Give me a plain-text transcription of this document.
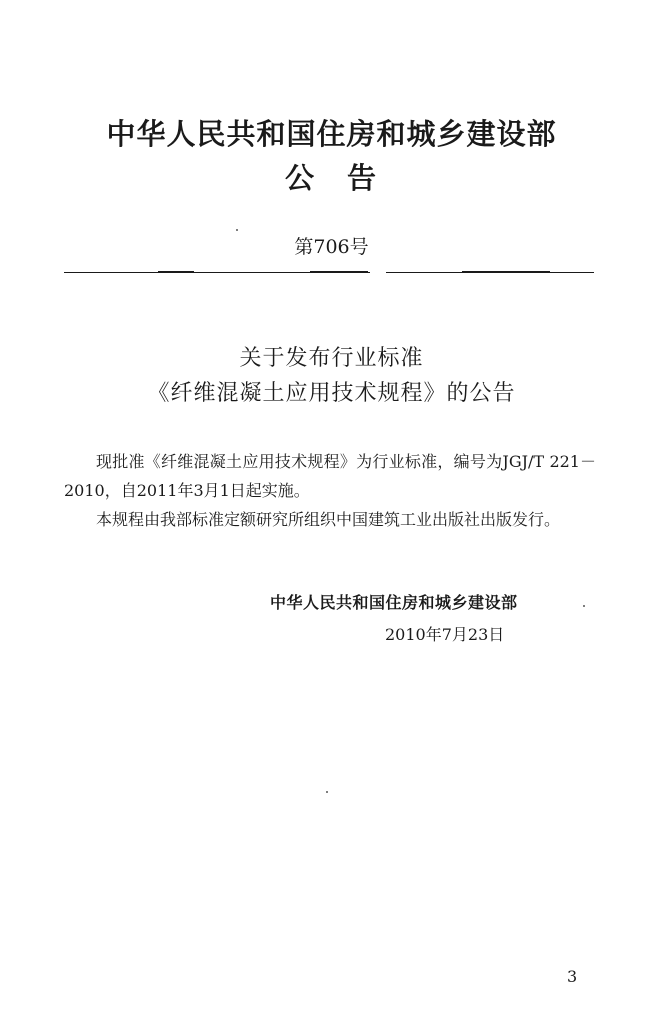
中华人民共和国住房和城乡建设部
公　告
第706号
关于发布行业标准
《纤维混凝土应用技术规程》的公告
现批准《纤维混凝土应用技术规程》为行业标准，编号为JGJ/T 221－2010，自2011年3月1日起实施。
本规程由我部标准定额研究所组织中国建筑工业出版社出版发行。
中华人民共和国住房和城乡建设部
2010年7月23日
3
